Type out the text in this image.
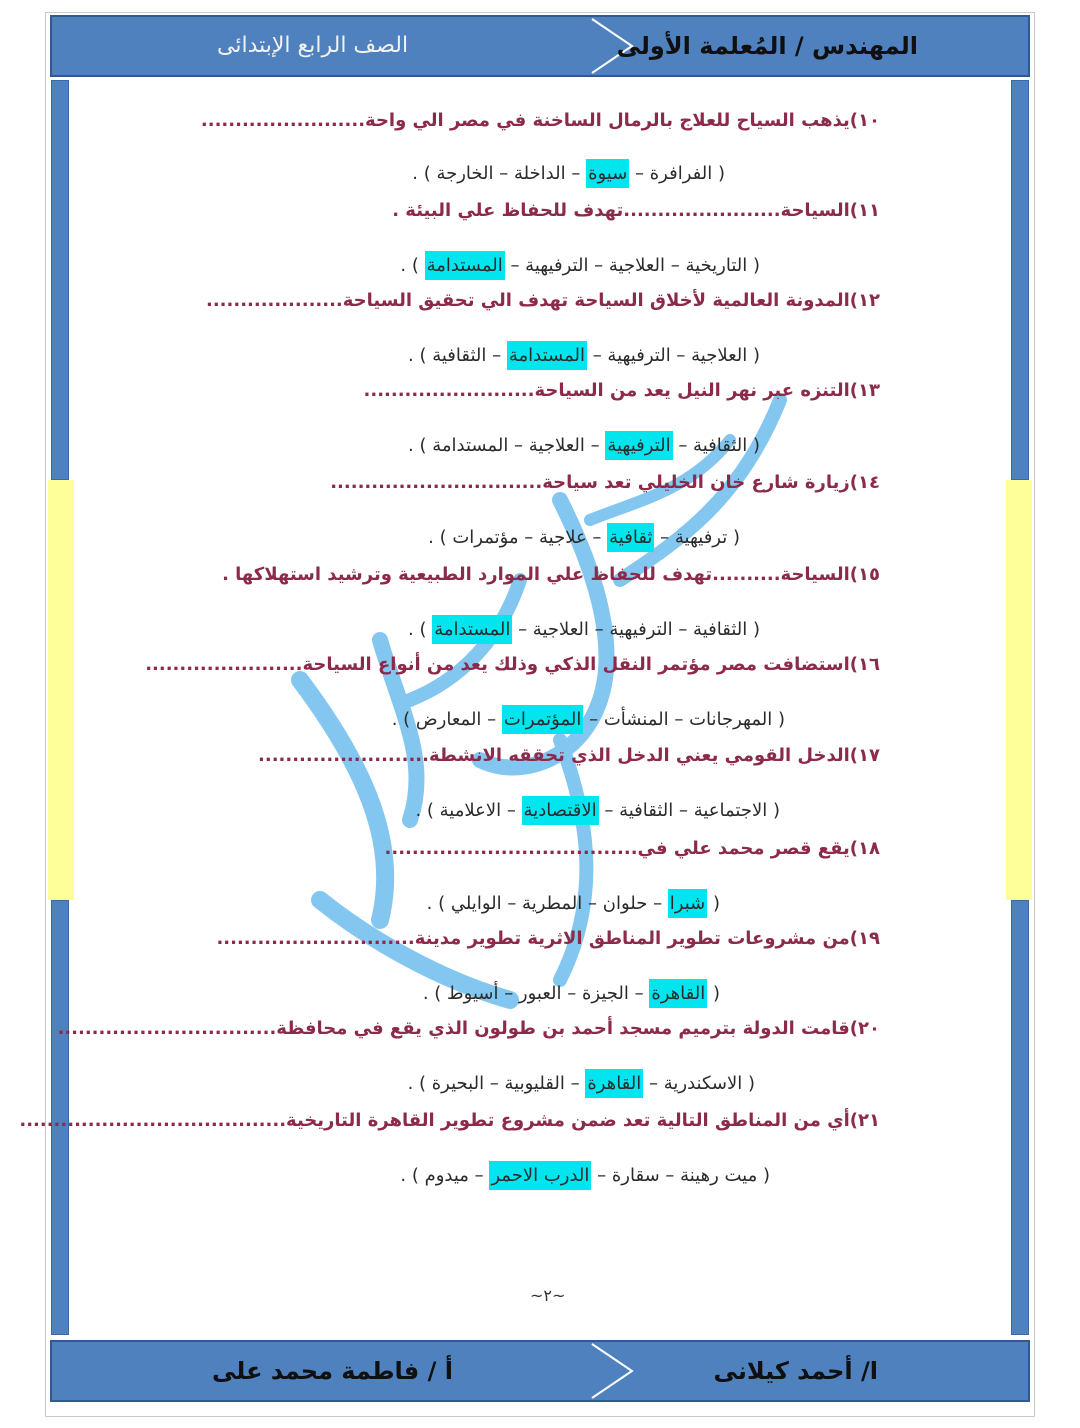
الصف الرابع الإبتدائى	المهندس / المُعلمة الأولى
١٠)يذهب السياح للعلاج بالرمال الساخنة في مصر الي واحة........................
( الفرافرة – سيوة – الداخلة – الخارجة ) .
١١)السياحة.......................تهدف للحفاظ علي البيئة .
( التاريخية – العلاجية – الترفيهية – المستدامة ) .
١٢)المدونة العالمية لأخلاق السياحة تهدف الي تحقيق السياحة....................
( العلاجية – الترفيهية – المستدامة – الثقافية ) .
١٣)التنزه عبر نهر النيل يعد من السياحة.........................
( الثقافية – الترفيهية – العلاجية – المستدامة ) .
١٤)زيارة شارع خان الخليلي تعد سياحة...............................
( ترفيهية – ثقافية – علاجية – مؤتمرات ) .
١٥)السياحة..........تهدف للحفاظ علي الموارد الطبيعية وترشيد استهلاكها .
( الثقافية – الترفيهية – العلاجية – المستدامة ) .
١٦)استضافت مصر مؤتمر النقل الذكي وذلك يعد من أنواع السياحة.......................
( المهرجانات – المنشأت – المؤتمرات – المعارض ) .
١٧)الدخل القومي يعني الدخل الذي تحققه الانشطة.........................
( الاجتماعية – الثقافية – الاقتصادية – الاعلامية ) .
١٨)يقع قصر محمد علي في.....................................
( شبرا – حلوان – المطرية – الوايلي ) .
١٩)من مشروعات تطوير المناطق الاثرية تطوير مدينة.............................
( القاهرة – الجيزة – العبور – أسيوط ) .
٢٠)قامت الدولة بترميم مسجد أحمد بن طولون الذي يقع في محافظة................................
( الاسكندرية – القاهرة – القليوبية – البحيرة ) .
٢١)أي من المناطق التالية تعد ضمن مشروع تطوير القاهرة التاريخية.......................................
( ميت رهينة – سقارة – الدرب الاحمر – ميدوم ) .
~٢~
أ / فاطمة محمد على	ا/ أحمد كيلانى
